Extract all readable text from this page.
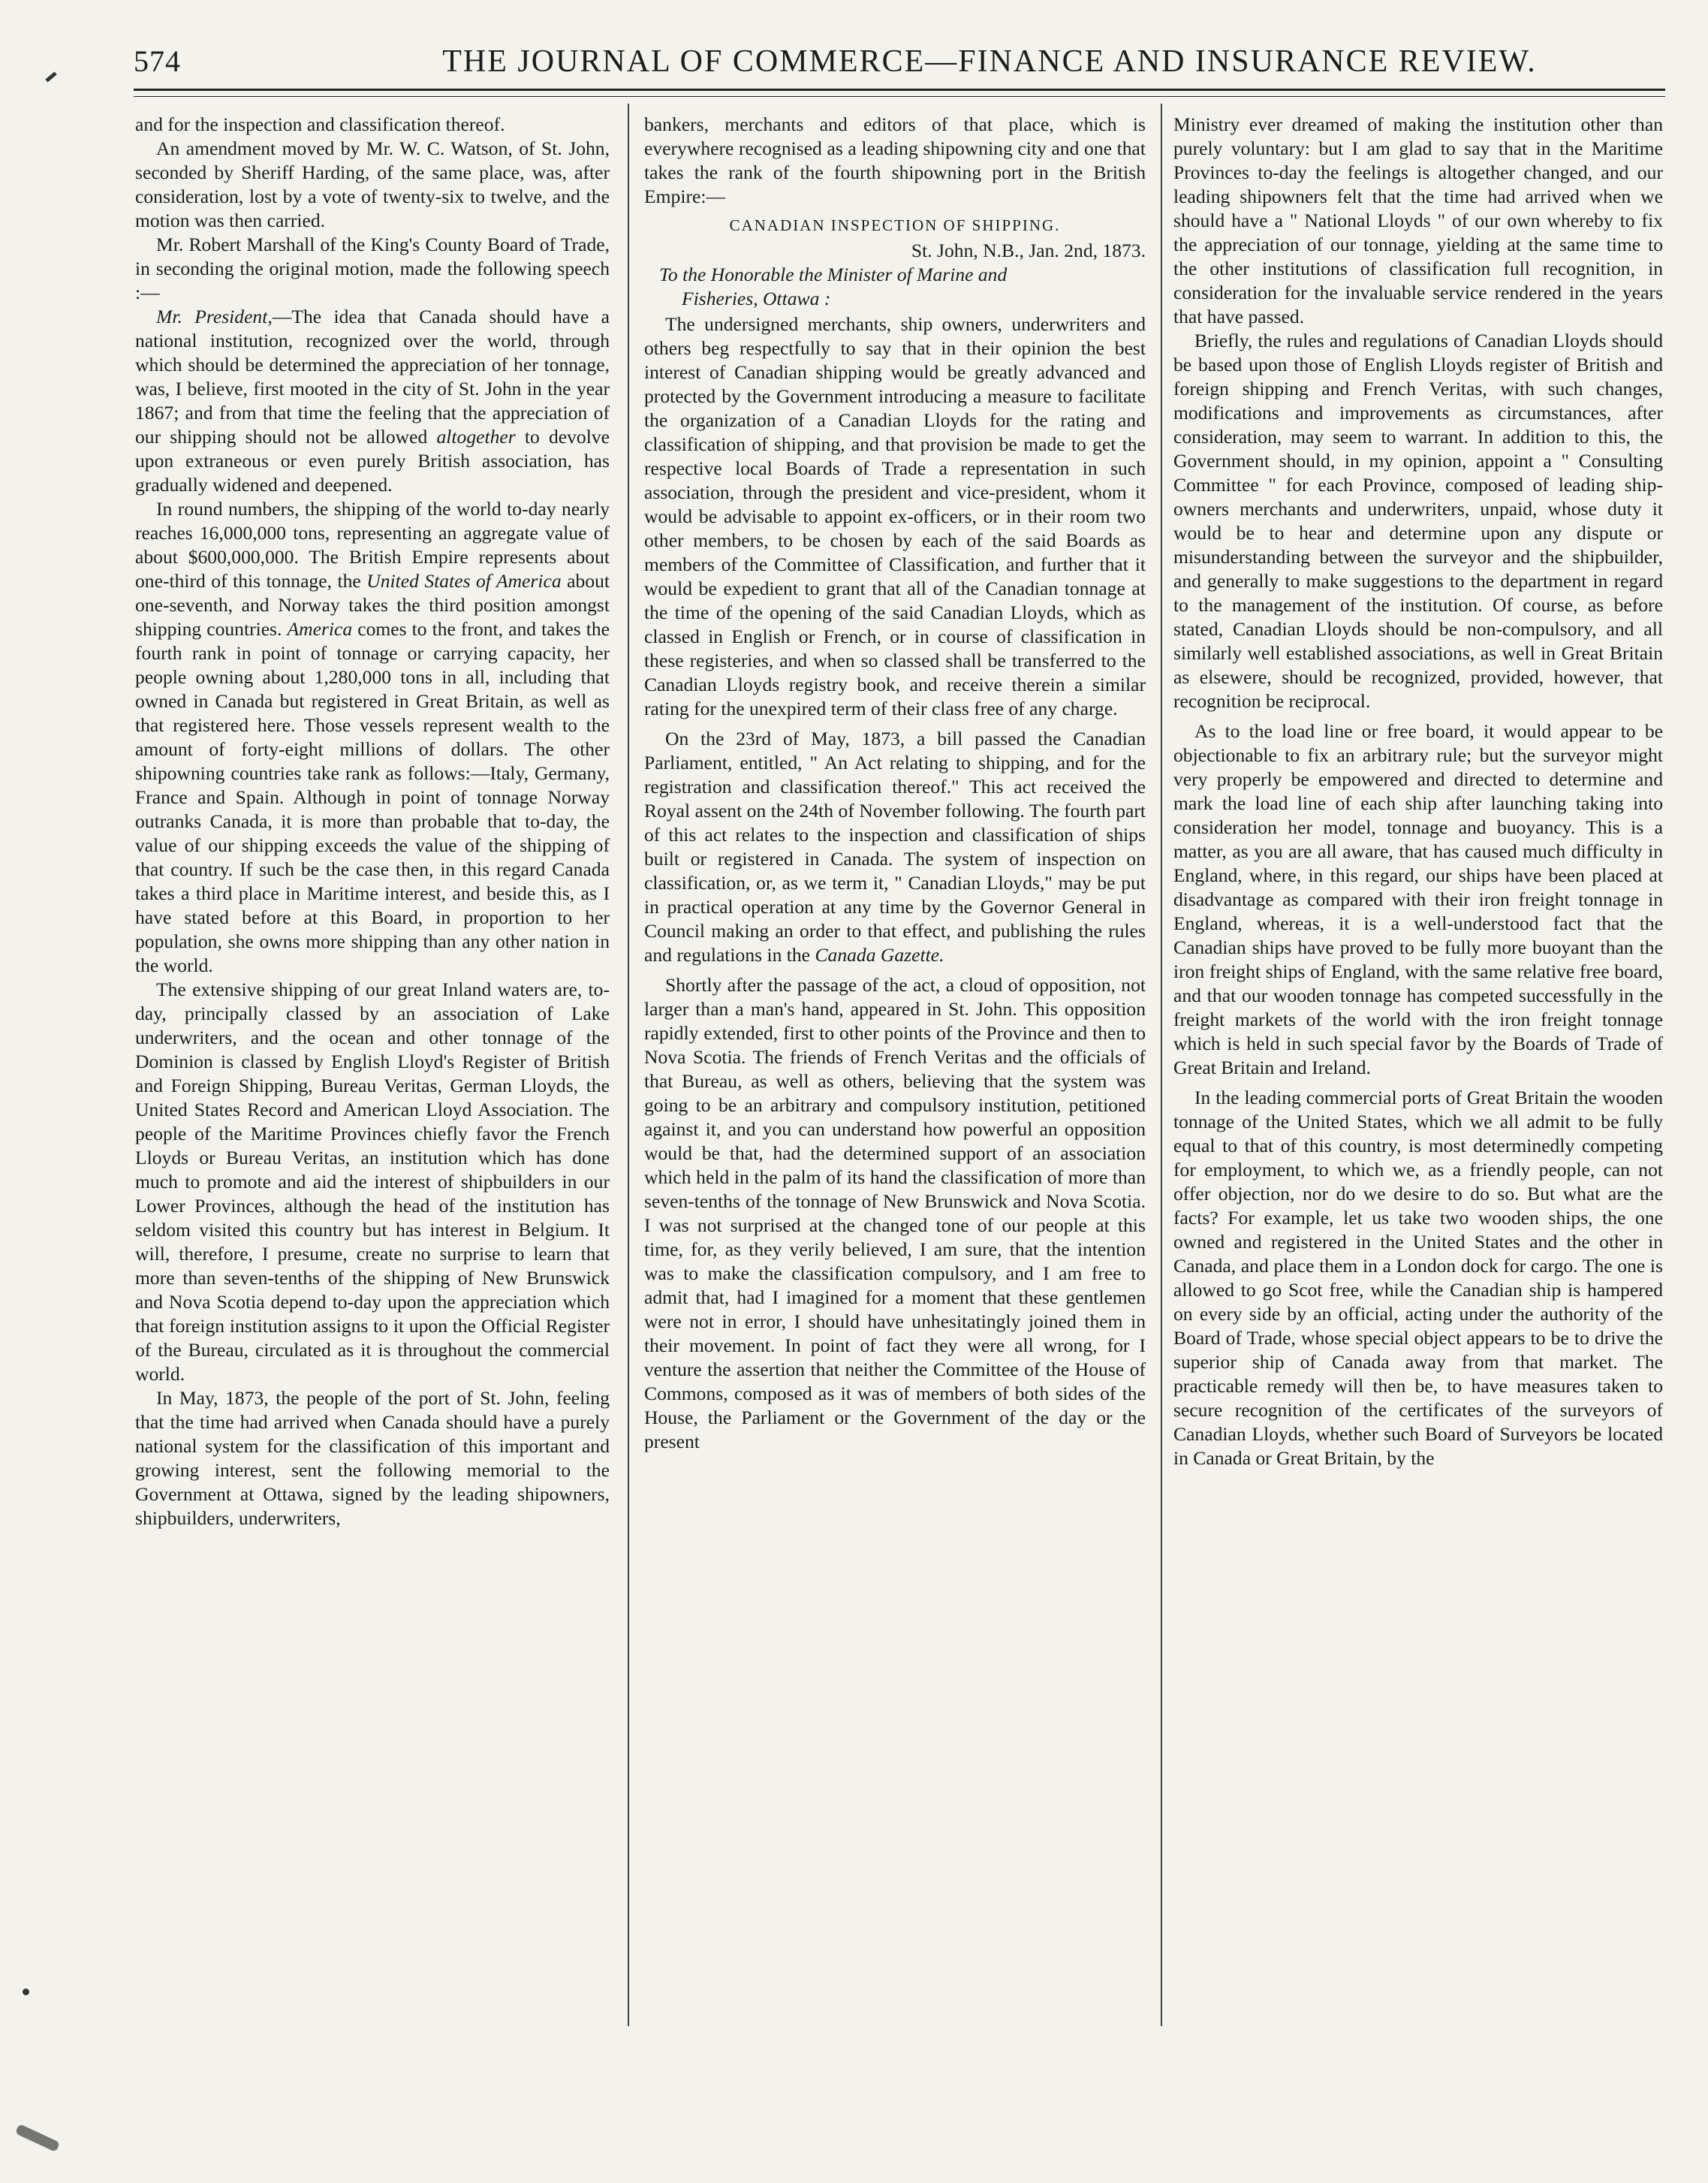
574	THE JOURNAL OF COMMERCE—FINANCE AND INSURANCE REVIEW.

and for the inspection and classification thereof.

An amendment moved by Mr. W. C. Watson, of St. John, seconded by Sheriff Harding, of the same place, was, after consideration, lost by a vote of twenty-six to twelve, and the motion was then carried.

Mr. Robert Marshall of the King's County Board of Trade, in seconding the original motion, made the following speech :—

Mr. President,—The idea that Canada should have a national institution, recognized over the world, through which should be determined the appreciation of her tonnage, was, I believe, first mooted in the city of St. John in the year 1867; and from that time the feeling that the appreciation of our shipping should not be allowed altogether to devolve upon extraneous or even purely British association, has gradually widened and deepened.

In round numbers, the shipping of the world to-day nearly reaches 16,000,000 tons, representing an aggregate value of about $600,000,000. The British Empire represents about one-third of this tonnage, the United States of America about one-seventh, and Norway takes the third position amongst shipping countries. America comes to the front, and takes the fourth rank in point of tonnage or carrying capacity, her people owning about 1,280,000 tons in all, including that owned in Canada but registered in Great Britain, as well as that registered here. Those vessels represent wealth to the amount of forty-eight millions of dollars. The other shipowning countries take rank as follows:—Italy, Germany, France and Spain. Although in point of tonnage Norway outranks Canada, it is more than probable that to-day, the value of our shipping exceeds the value of the shipping of that country. If such be the case then, in this regard Canada takes a third place in Maritime interest, and beside this, as I have stated before at this Board, in proportion to her population, she owns more shipping than any other nation in the world.

The extensive shipping of our great Inland waters are, to-day, principally classed by an association of Lake underwriters, and the ocean and other tonnage of the Dominion is classed by English Lloyd's Register of British and Foreign Shipping, Bureau Veritas, German Lloyds, the United States Record and American Lloyd Association. The people of the Maritime Provinces chiefly favor the French Lloyds or Bureau Veritas, an institution which has done much to promote and aid the interest of shipbuilders in our Lower Provinces, although the head of the institution has seldom visited this country but has interest in Belgium. It will, therefore, I presume, create no surprise to learn that more than seven-tenths of the shipping of New Brunswick and Nova Scotia depend to-day upon the appreciation which that foreign institution assigns to it upon the Official Register of the Bureau, circulated as it is throughout the commercial world.

In May, 1873, the people of the port of St. John, feeling that the time had arrived when Canada should have a purely national system for the classification of this important and growing interest, sent the following memorial to the Government at Ottawa, signed by the leading shipowners, shipbuilders, underwriters,

bankers, merchants and editors of that place, which is everywhere recognised as a leading shipowning city and one that takes the rank of the fourth shipowning port in the British Empire:—

CANADIAN INSPECTION OF SHIPPING.
St. John, N.B., Jan. 2nd, 1873.
To the Honorable the Minister of Marine and
Fisheries, Ottawa :

The undersigned merchants, ship owners, underwriters and others beg respectfully to say that in their opinion the best interest of Canadian shipping would be greatly advanced and protected by the Government introducing a measure to facilitate the organization of a Canadian Lloyds for the rating and classification of shipping, and that provision be made to get the respective local Boards of Trade a representation in such association, through the president and vice-president, whom it would be advisable to appoint ex-officers, or in their room two other members, to be chosen by each of the said Boards as members of the Committee of Classification, and further that it would be expedient to grant that all of the Canadian tonnage at the time of the opening of the said Canadian Lloyds, which as classed in English or French, or in course of classification in these registeries, and when so classed shall be transferred to the Canadian Lloyds registry book, and receive therein a similar rating for the unexpired term of their class free of any charge.

On the 23rd of May, 1873, a bill passed the Canadian Parliament, entitled, " An Act relating to shipping, and for the registration and classification thereof." This act received the Royal assent on the 24th of November following. The fourth part of this act relates to the inspection and classification of ships built or registered in Canada. The system of inspection on classification, or, as we term it, " Canadian Lloyds," may be put in practical operation at any time by the Governor General in Council making an order to that effect, and publishing the rules and regulations in the Canada Gazette.

Shortly after the passage of the act, a cloud of opposition, not larger than a man's hand, appeared in St. John. This opposition rapidly extended, first to other points of the Province and then to Nova Scotia. The friends of French Veritas and the officials of that Bureau, as well as others, believing that the system was going to be an arbitrary and compulsory institution, petitioned against it, and you can understand how powerful an opposition would be that, had the determined support of an association which held in the palm of its hand the classification of more than seven-tenths of the tonnage of New Brunswick and Nova Scotia. I was not surprised at the changed tone of our people at this time, for, as they verily believed, I am sure, that the intention was to make the classification compulsory, and I am free to admit that, had I imagined for a moment that these gentlemen were not in error, I should have unhesitatingly joined them in their movement. In point of fact they were all wrong, for I venture the assertion that neither the Committee of the House of Commons, composed as it was of members of both sides of the House, the Parliament or the Government of the day or the present

Ministry ever dreamed of making the institution other than purely voluntary: but I am glad to say that in the Maritime Provinces to-day the feelings is altogether changed, and our leading shipowners felt that the time had arrived when we should have a " National Lloyds " of our own whereby to fix the appreciation of our tonnage, yielding at the same time to the other institutions of classification full recognition, in consideration for the invaluable service rendered in the years that have passed.

Briefly, the rules and regulations of Canadian Lloyds should be based upon those of English Lloyds register of British and foreign shipping and French Veritas, with such changes, modifications and improvements as circumstances, after consideration, may seem to warrant. In addition to this, the Government should, in my opinion, appoint a " Consulting Committee " for each Province, composed of leading ship-owners merchants and underwriters, unpaid, whose duty it would be to hear and determine upon any dispute or misunderstanding between the surveyor and the shipbuilder, and generally to make suggestions to the department in regard to the management of the institution. Of course, as before stated, Canadian Lloyds should be non-compulsory, and all similarly well established associations, as well in Great Britain as elsewere, should be recognized, provided, however, that recognition be reciprocal.

As to the load line or free board, it would appear to be objectionable to fix an arbitrary rule; but the surveyor might very properly be empowered and directed to determine and mark the load line of each ship after launching taking into consideration her model, tonnage and buoyancy. This is a matter, as you are all aware, that has caused much difficulty in England, where, in this regard, our ships have been placed at disadvantage as compared with their iron freight tonnage in England, whereas, it is a well-understood fact that the Canadian ships have proved to be fully more buoyant than the iron freight ships of England, with the same relative free board, and that our wooden tonnage has competed successfully in the freight markets of the world with the iron freight tonnage which is held in such special favor by the Boards of Trade of Great Britain and Ireland.

In the leading commercial ports of Great Britain the wooden tonnage of the United States, which we all admit to be fully equal to that of this country, is most determinedly competing for employment, to which we, as a friendly people, can not offer objection, nor do we desire to do so. But what are the facts? For example, let us take two wooden ships, the one owned and registered in the United States and the other in Canada, and place them in a London dock for cargo. The one is allowed to go Scot free, while the Canadian ship is hampered on every side by an official, acting under the authority of the Board of Trade, whose special object appears to be to drive the superior ship of Canada away from that market. The practicable remedy will then be, to have measures taken to secure recognition of the certificates of the surveyors of Canadian Lloyds, whether such Board of Surveyors be located in Canada or Great Britain, by the
